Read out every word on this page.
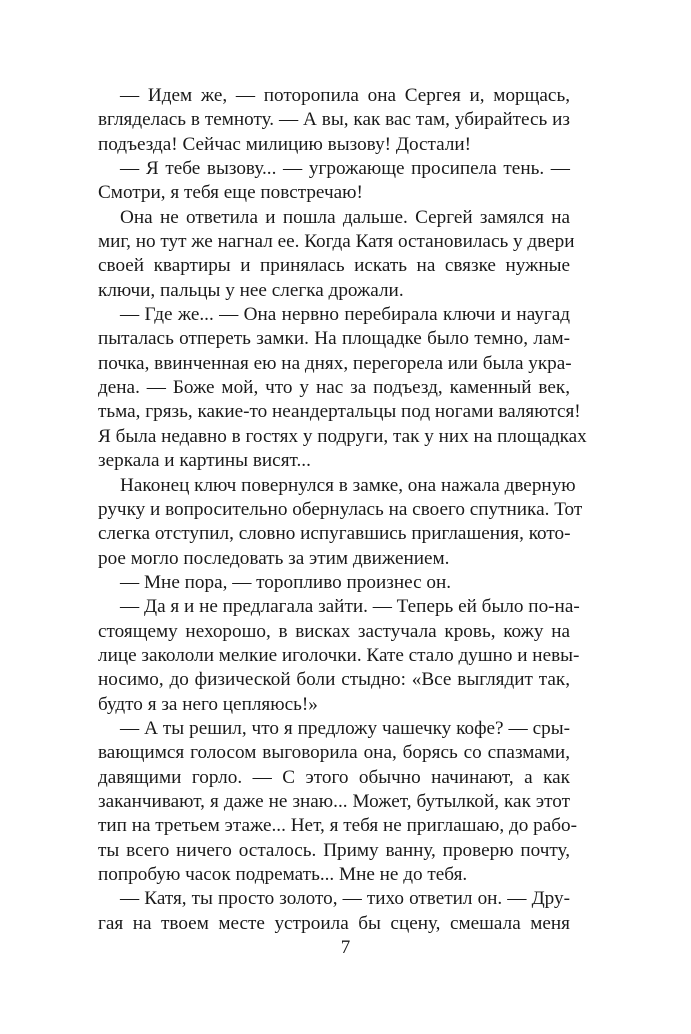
— Идем же, — поторопила она Сергея и, морщась,
вгляделась в темноту. — А вы, как вас там, убирайтесь из
подъезда! Сейчас милицию вызову! Достали!
— Я тебе вызову... — угрожающе просипела тень. —
Смотри, я тебя еще повстречаю!
Она не ответила и пошла дальше. Сергей замялся на
миг, но тут же нагнал ее. Когда Катя остановилась у двери
своей квартиры и принялась искать на связке нужные
ключи, пальцы у нее слегка дрожали.
— Где же... — Она нервно перебирала ключи и наугад
пыталась отпереть замки. На площадке было темно, лам-
почка, ввинченная ею на днях, перегорела или была укра-
дена. — Боже мой, что у нас за подъезд, каменный век,
тьма, грязь, какие-то неандертальцы под ногами валяются!
Я была недавно в гостях у подруги, так у них на площадках
зеркала и картины висят...
Наконец ключ повернулся в замке, она нажала дверную
ручку и вопросительно обернулась на своего спутника. Тот
слегка отступил, словно испугавшись приглашения, кото-
рое могло последовать за этим движением.
— Мне пора, — торопливо произнес он.
— Да я и не предлагала зайти. — Теперь ей было по-на-
стоящему нехорошо, в висках застучала кровь, кожу на
лице закололи мелкие иголочки. Кате стало душно и невы-
носимо, до физической боли стыдно: «Все выглядит так,
будто я за него цепляюсь!»
— А ты решил, что я предложу чашечку кофе? — сры-
вающимся голосом выговорила она, борясь со спазмами,
давящими горло. — С этого обычно начинают, а как
заканчивают, я даже не знаю... Может, бутылкой, как этот
тип на третьем этаже... Нет, я тебя не приглашаю, до рабо-
ты всего ничего осталось. Приму ванну, проверю почту,
попробую часок подремать... Мне не до тебя.
— Катя, ты просто золото, — тихо ответил он. — Дру-
гая на твоем месте устроила бы сцену, смешала меня
7
